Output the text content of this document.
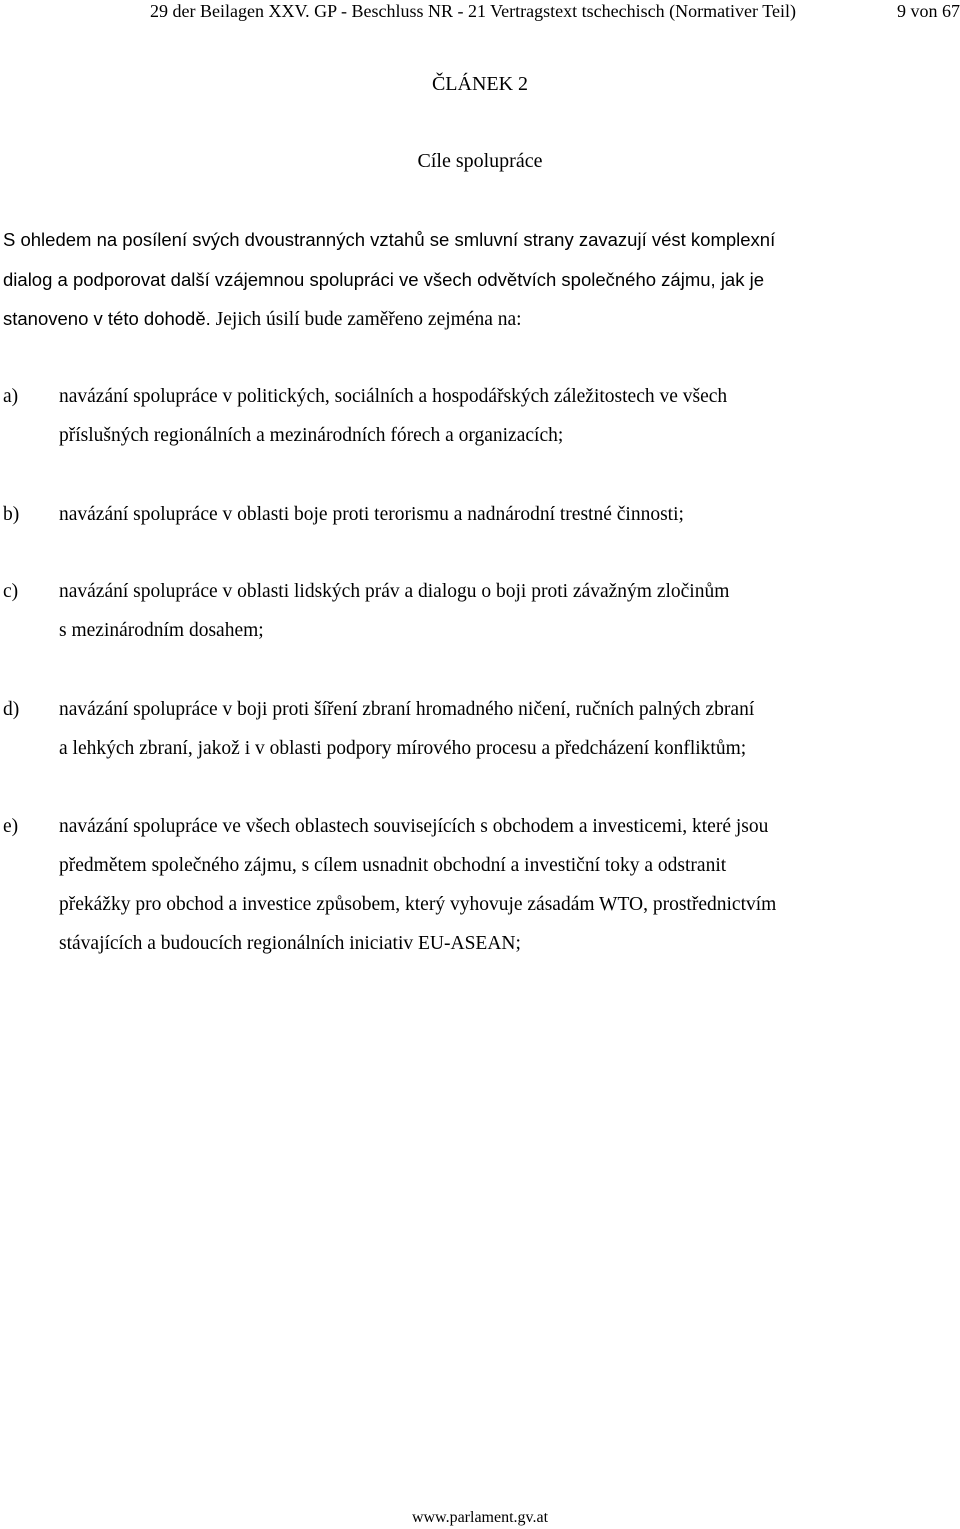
29 der Beilagen XXV. GP - Beschluss NR - 21 Vertragstext tschechisch (Normativer Teil)	9 von 67
ČLÁNEK 2
Cíle spolupráce
S ohledem na posílení svých dvoustranných vztahů se smluvní strany zavazují vést komplexní
dialog a podporovat další vzájemnou spolupráci ve všech odvětvích společného zájmu, jak je
stanoveno v této dohodě. Jejich úsilí bude zaměřeno zejména na:
a) navázání spolupráce v politických, sociálních a hospodářských záležitostech ve všech
příslušných regionálních a mezinárodních fórech a organizacích;
b) navázání spolupráce v oblasti boje proti terorismu a nadnárodní trestné činnosti;
c) navázání spolupráce v oblasti lidských práv a dialogu o boji proti závažným zločinům
s mezinárodním dosahem;
d) navázání spolupráce v boji proti šíření zbraní hromadného ničení, ručních palných zbraní
a lehkých zbraní, jakož i v oblasti podpory mírového procesu a předcházení konfliktům;
e) navázání spolupráce ve všech oblastech souvisejících s obchodem a investicemi, které jsou
předmětem společného zájmu, s cílem usnadnit obchodní a investiční toky a odstranit
překážky pro obchod a investice způsobem, který vyhovuje zásadám WTO, prostřednictvím
stávajících a budoucích regionálních iniciativ EU-ASEAN;
www.parlament.gv.at
